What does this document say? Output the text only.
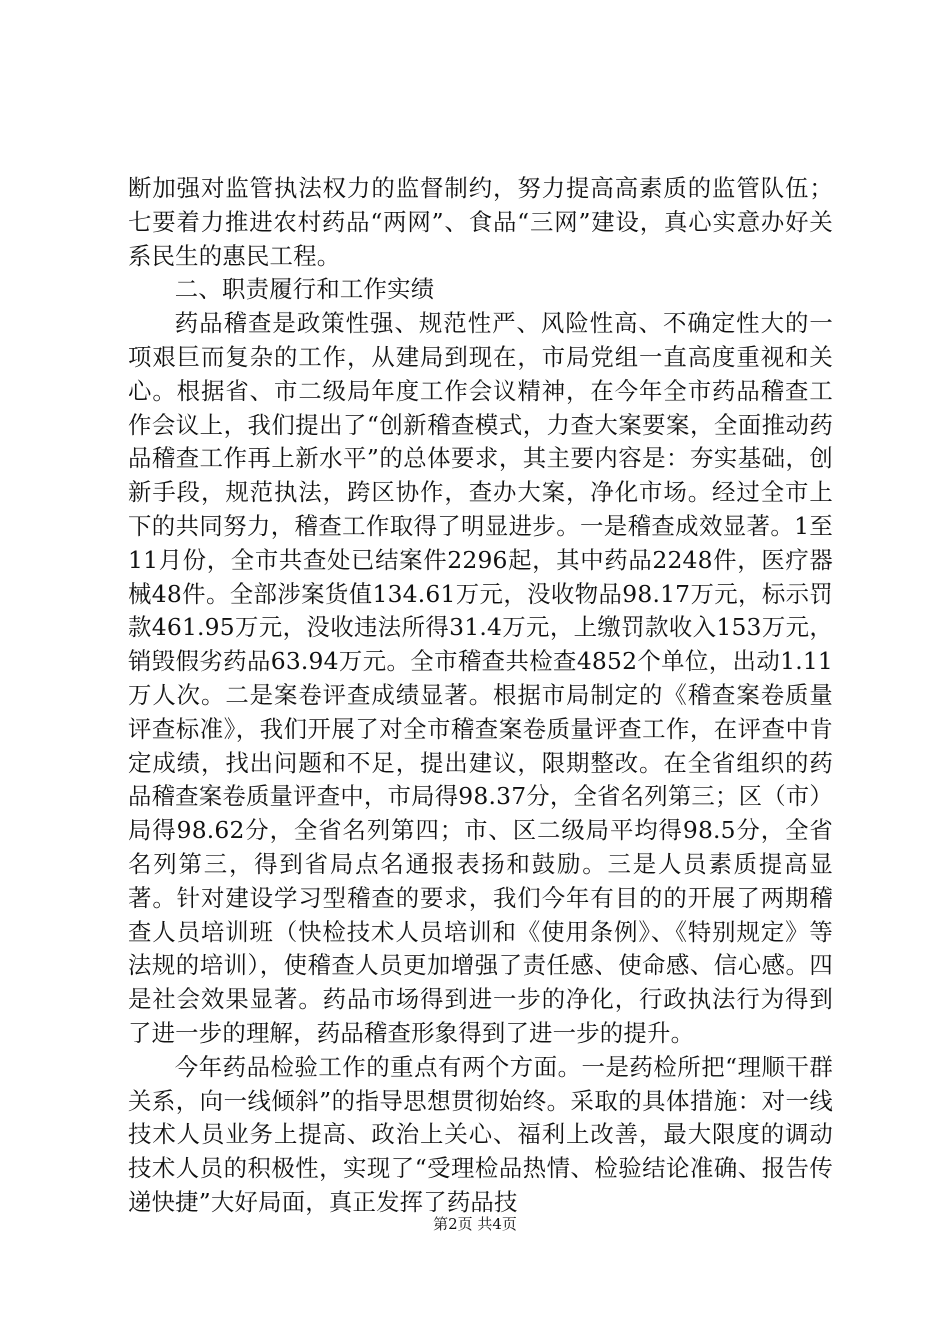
断加强对监管执法权力的监督制约，努力提高高素质的监管队伍；七要着力推进农村药品“两网”、食品“三网”建设，真心实意办好关系民生的惠民工程。

二、职责履行和工作实绩

药品稽查是政策性强、规范性严、风险性高、不确定性大的一项艰巨而复杂的工作，从建局到现在，市局党组一直高度重视和关心。根据省、市二级局年度工作会议精神，在今年全市药品稽查工作会议上，我们提出了“创新稽查模式，力查大案要案，全面推动药品稽查工作再上新水平”的总体要求，其主要内容是：夯实基础，创新手段，规范执法，跨区协作，查办大案，净化市场。经过全市上下的共同努力，稽查工作取得了明显进步。一是稽查成效显著。1至11月份，全市共查处已结案件2296起，其中药品2248件，医疗器械48件。全部涉案货值134.61万元，没收物品98.17万元，标示罚款461.95万元，没收违法所得31.4万元，上缴罚款收入153万元，销毁假劣药品63.94万元。全市稽查共检查4852个单位，出动1.11万人次。二是案卷评查成绩显著。根据市局制定的《稽查案卷质量评查标准》，我们开展了对全市稽查案卷质量评查工作，在评查中肯定成绩，找出问题和不足，提出建议，限期整改。在全省组织的药品稽查案卷质量评查中，市局得98.37分，全省名列第三；区（市）局得98.62分，全省名列第四；市、区二级局平均得98.5分，全省名列第三，得到省局点名通报表扬和鼓励。三是人员素质提高显著。针对建设学习型稽查的要求，我们今年有目的的开展了两期稽查人员培训班（快检技术人员培训和《使用条例》、《特别规定》等法规的培训），使稽查人员更加增强了责任感、使命感、信心感。四是社会效果显著。药品市场得到进一步的净化，行政执法行为得到了进一步的理解，药品稽查形象得到了进一步的提升。

今年药品检验工作的重点有两个方面。一是药检所把“理顺干群关系，向一线倾斜”的指导思想贯彻始终。采取的具体措施：对一线技术人员业务上提高、政治上关心、福利上改善，最大限度的调动技术人员的积极性，实现了“受理检品热情、检验结论准确、报告传递快捷”大好局面，真正发挥了药品技

第2页 共4页
